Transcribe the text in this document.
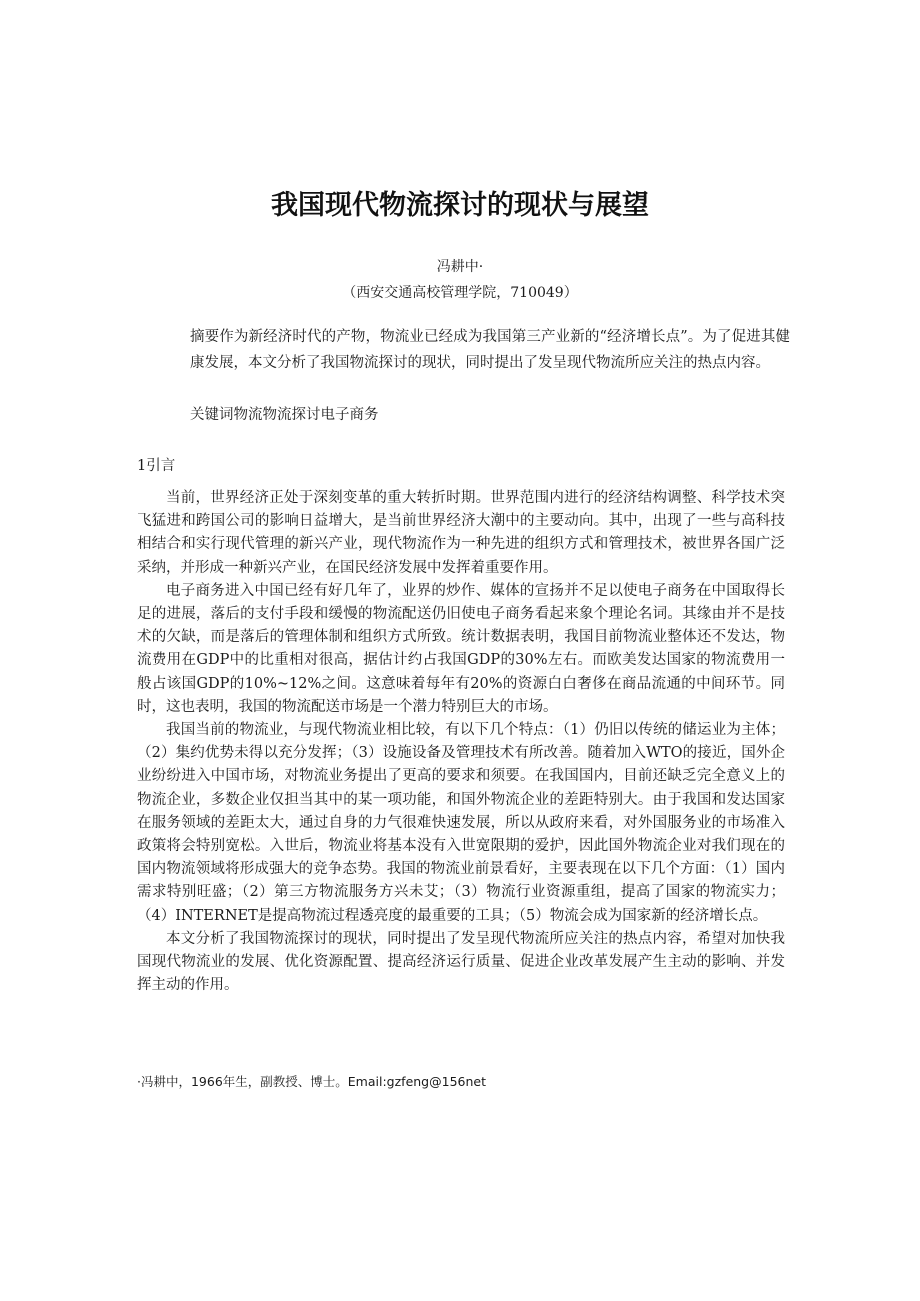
我国现代物流探讨的现状与展望
冯耕中·
（西安交通高校管理学院，710049）
摘要作为新经济时代的产物，物流业已经成为我国第三产业新的“经济增长点”。为了促进其健康发展，本文分析了我国物流探讨的现状，同时提出了发呈现代物流所应关注的热点内容。
关键词物流物流探讨电子商务
1引言

当前，世界经济正处于深刻变革的重大转折时期。世界范围内进行的经济结构调整、科学技术突飞猛进和跨国公司的影响日益增大，是当前世界经济大潮中的主要动向。其中，出现了一些与高科技相结合和实行现代管理的新兴产业，现代物流作为一种先进的组织方式和管理技术，被世界各国广泛采纳，并形成一种新兴产业，在国民经济发展中发挥着重要作用。

电子商务进入中国已经有好几年了，业界的炒作、媒体的宣扬并不足以使电子商务在中国取得长足的进展，落后的支付手段和缓慢的物流配送仍旧使电子商务看起来象个理论名词。其缘由并不是技术的欠缺，而是落后的管理体制和组织方式所致。统计数据表明，我国目前物流业整体还不发达，物流费用在GDP中的比重相对很高，据估计约占我国GDP的30%左右。而欧美发达国家的物流费用一般占该国GDP的10%~12%之间。这意味着每年有20%的资源白白奢侈在商品流通的中间环节。同时，这也表明，我国的物流配送市场是一个潜力特别巨大的市场。

我国当前的物流业，与现代物流业相比较，有以下几个特点：（1）仍旧以传统的储运业为主体；（2）集约优势未得以充分发挥；（3）设施设备及管理技术有所改善。随着加入WTO的接近，国外企业纷纷进入中国市场，对物流业务提出了更高的要求和须要。在我国国内，目前还缺乏完全意义上的物流企业，多数企业仅担当其中的某一项功能，和国外物流企业的差距特别大。由于我国和发达国家在服务领域的差距太大，通过自身的力气很难快速发展，所以从政府来看，对外国服务业的市场准入政策将会特别宽松。入世后，物流业将基本没有入世宽限期的爱护，因此国外物流企业对我们现在的国内物流领域将形成强大的竞争态势。我国的物流业前景看好，主要表现在以下几个方面：（1）国内需求特别旺盛；（2）第三方物流服务方兴未艾；（3）物流行业资源重组，提高了国家的物流实力；（4）INTERNET是提高物流过程透亮度的最重要的工具；（5）物流会成为国家新的经济增长点。

本文分析了我国物流探讨的现状，同时提出了发呈现代物流所应关注的热点内容，希望对加快我国现代物流业的发展、优化资源配置、提高经济运行质量、促进企业改革发展产生主动的影响、并发挥主动的作用。

·冯耕中，1966年生，副教授、博士。Email:gzfeng@156net
